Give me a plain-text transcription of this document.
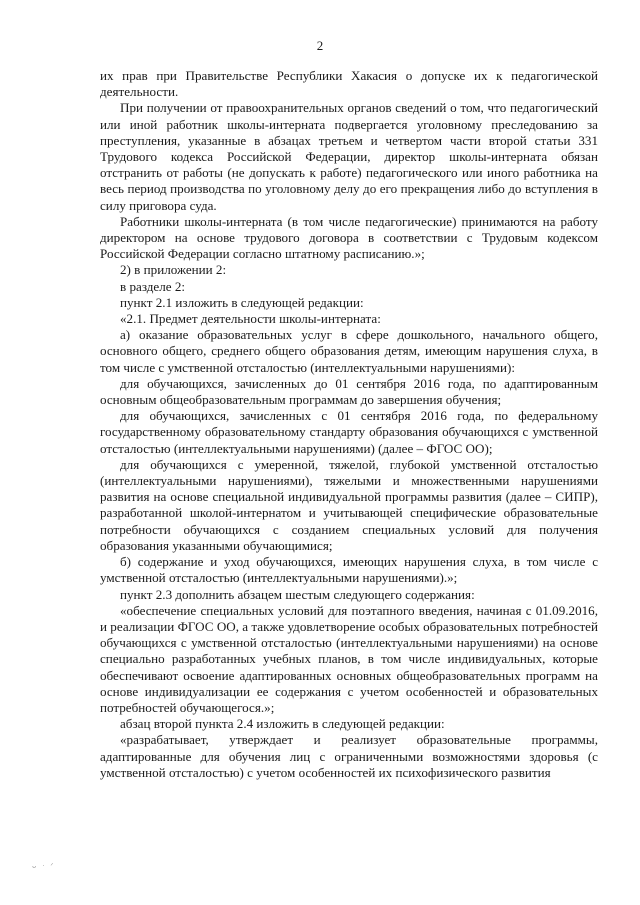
2

их прав при Правительстве Республики Хакасия о допуске их к педагогической деятельности.

При получении от правоохранительных органов сведений о том, что педагогический или иной работник школы-интерната подвергается уголовному преследованию за преступления, указанные в абзацах третьем и четвертом части второй статьи 331 Трудового кодекса Российской Федерации, директор школы-интерната обязан отстранить от работы (не допускать к работе) педагогического или иного работника на весь период производства по уголовному делу до его прекращения либо до вступления в силу приговора суда.

Работники школы-интерната (в том числе педагогические) принимаются на работу директором на основе трудового договора в соответствии с Трудовым кодексом Российской Федерации согласно штатному расписанию.»;

2) в приложении 2:

в разделе 2:

пункт 2.1 изложить в следующей редакции:

«2.1. Предмет деятельности школы-интерната:

а) оказание образовательных услуг в сфере дошкольного, начального общего, основного общего, среднего общего образования детям, имеющим нарушения слуха, в том числе с умственной отсталостью (интеллектуальными нарушениями):

для обучающихся, зачисленных до 01 сентября 2016 года, по адаптированным основным общеобразовательным программам до завершения обучения;

для обучающихся, зачисленных с 01 сентября 2016 года, по федеральному государственному образовательному стандарту образования обучающихся с умственной отсталостью (интеллектуальными нарушениями) (далее – ФГОС ОО);

для обучающихся с умеренной, тяжелой, глубокой умственной отсталостью (интеллектуальными нарушениями), тяжелыми и множественными нарушениями развития на основе специальной индивидуальной программы развития (далее – СИПР), разработанной школой-интернатом и учитывающей специфические образовательные потребности обучающихся с созданием специальных условий для получения образования указанными обучающимися;

б) содержание и уход обучающихся, имеющих нарушения слуха, в том числе с умственной отсталостью (интеллектуальными нарушениями).»;

пункт 2.3 дополнить абзацем шестым следующего содержания:

«обеспечение специальных условий для поэтапного введения, начиная с 01.09.2016, и реализации ФГОС ОО, а также удовлетворение особых образовательных потребностей обучающихся с умственной отсталостью (интеллектуальными нарушениями) на основе специально разработанных учебных планов, в том числе индивидуальных, которые обеспечивают освоение адаптированных основных общеобразовательных программ на основе индивидуализации ее содержания с учетом особенностей и образовательных потребностей обучающегося.»;

абзац второй пункта 2.4 изложить в следующей редакции:

«разрабатывает, утверждает и реализует образовательные программы, адаптированные для обучения лиц с ограниченными возможностями здоровья (с умственной отсталостью) с учетом особенностей их психофизического развития

ᴗ ᐧ ᐟ
